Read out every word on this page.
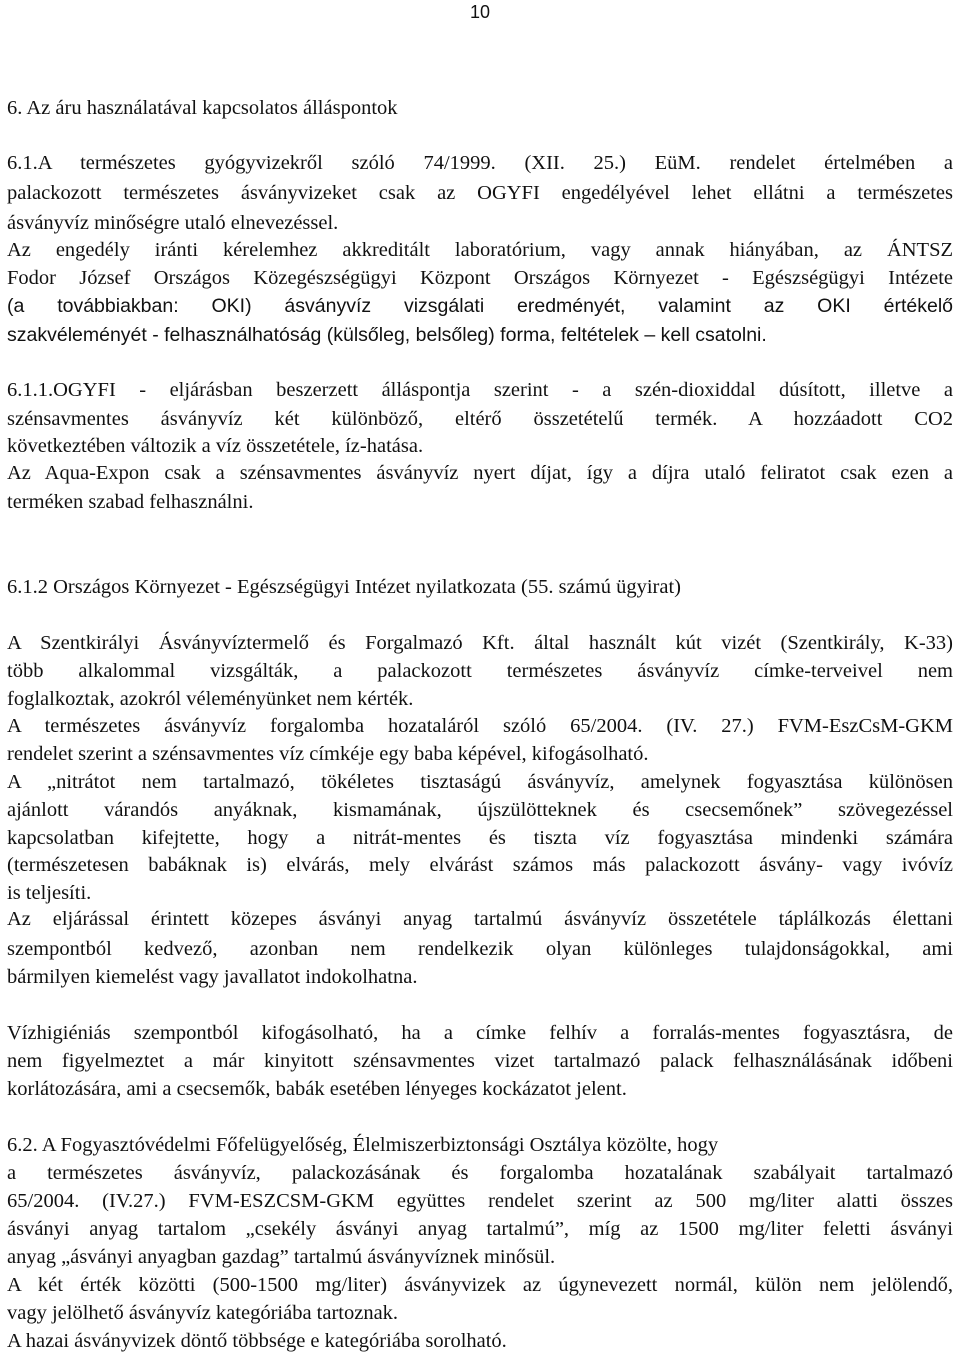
10
6. Az áru használatával kapcsolatos álláspontok
6.1.A természetes gyógyvizekről szóló 74/1999. (XII. 25.) EüM. rendelet értelmében a
palackozott természetes ásványvizeket csak az OGYFI engedélyével lehet ellátni a természetes
ásványvíz minőségre utaló elnevezéssel.
Az engedély iránti kérelemhez akkreditált laboratórium, vagy annak hiányában, az ÁNTSZ
Fodor József Országos Közegészségügyi Központ Országos Környezet - Egészségügyi Intézete
(a továbbiakban: OKI) ásványvíz vizsgálati eredményét, valamint az OKI értékelő
szakvéleményét - felhasználhatóság (külsőleg, belsőleg) forma, feltételek – kell csatolni.
6.1.1.OGYFI - eljárásban beszerzett álláspontja szerint - a szén-dioxiddal dúsított, illetve a
szénsavmentes ásványvíz két különböző, eltérő összetételű termék. A hozzáadott CO2
következtében változik a víz összetétele, íz-hatása.
Az Aqua-Expon csak a szénsavmentes ásványvíz nyert díjat, így a díjra utaló feliratot csak ezen a
terméken szabad felhasználni.
6.1.2 Országos Környezet - Egészségügyi Intézet nyilatkozata (55. számú ügyirat)
A Szentkirályi Ásványvíztermelő és Forgalmazó Kft. által használt kút vizét (Szentkirály, K-33)
több alkalommal vizsgálták, a palackozott természetes ásványvíz címke-terveivel nem
foglalkoztak, azokról véleményünket nem kérték.
A természetes ásványvíz forgalomba hozataláról szóló 65/2004. (IV. 27.) FVM-EszCsM-GKM
rendelet szerint a szénsavmentes víz címkéje egy baba képével, kifogásolható.
A „nitrátot nem tartalmazó, tökéletes tisztaságú ásványvíz, amelynek fogyasztása különösen
ajánlott várandós anyáknak, kismamának, újszülötteknek és csecsemőnek” szövegezéssel
kapcsolatban kifejtette, hogy a nitrát-mentes és tiszta víz fogyasztása mindenki számára
(természetesen babáknak is) elvárás, mely elvárást számos más palackozott ásvány- vagy ivóvíz
is teljesíti.
Az eljárással érintett közepes ásványi anyag tartalmú ásványvíz összetétele táplálkozás élettani
szempontból kedvező, azonban nem rendelkezik olyan különleges tulajdonságokkal, ami
bármilyen kiemelést vagy javallatot indokolhatna.
Vízhigiéniás szempontból kifogásolható, ha a címke felhív a forralás-mentes fogyasztásra, de
nem figyelmeztet a már kinyitott szénsavmentes vizet tartalmazó palack felhasználásának időbeni
korlátozására, ami a csecsemők, babák esetében lényeges kockázatot jelent.
6.2. A Fogyasztóvédelmi Főfelügyelőség, Élelmiszerbiztonsági Osztálya közölte, hogy
a természetes ásványvíz, palackozásának és forgalomba hozatalának szabályait tartalmazó
65/2004. (IV.27.) FVM-ESZCSM-GKM együttes rendelet szerint az 500 mg/liter alatti összes
ásványi anyag tartalom „csekély ásványi anyag tartalmú”, míg az 1500 mg/liter feletti ásványi
anyag „ásványi anyagban gazdag” tartalmú ásványvíznek minősül.
A két érték közötti (500-1500 mg/liter) ásványvizek az úgynevezett normál, külön nem jelölendő,
vagy jelölhető ásványvíz kategóriába tartoznak.
A hazai ásványvizek döntő többsége e kategóriába sorolható.
